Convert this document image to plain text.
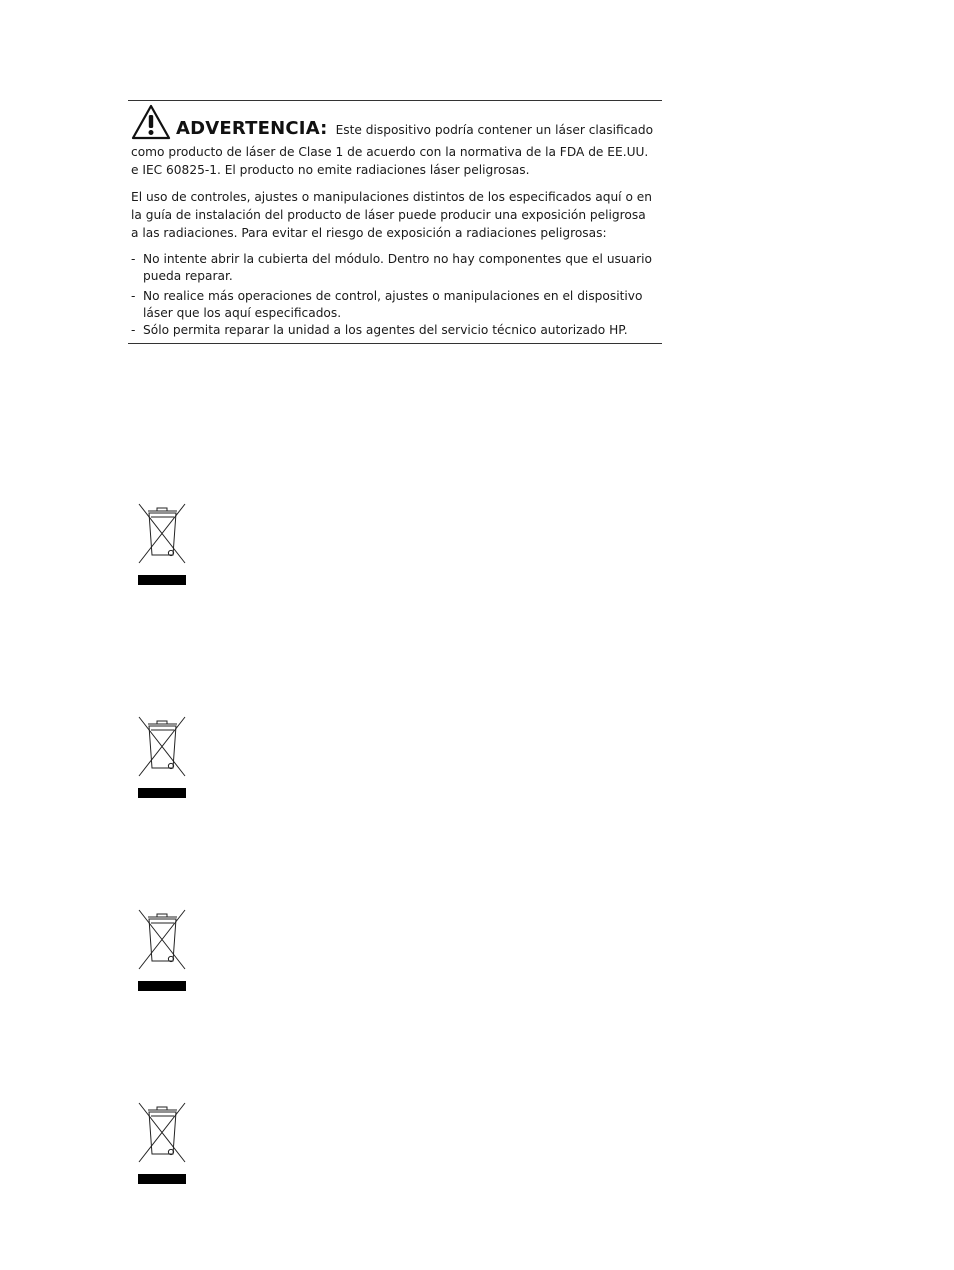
ADVERTENCIA: Este dispositivo podría contener un láser clasificado
como producto de láser de Clase 1 de acuerdo con la normativa de la FDA de EE.UU.
e IEC 60825-1. El producto no emite radiaciones láser peligrosas.
El uso de controles, ajustes o manipulaciones distintos de los especificados aquí o en
la guía de instalación del producto de láser puede producir una exposición peligrosa
a las radiaciones. Para evitar el riesgo de exposición a radiaciones peligrosas:
- No intente abrir la cubierta del módulo. Dentro no hay componentes que el usuario
pueda reparar.
- No realice más operaciones de control, ajustes o manipulaciones en el dispositivo
láser que los aquí especificados.
- Sólo permita reparar la unidad a los agentes del servicio técnico autorizado HP.
